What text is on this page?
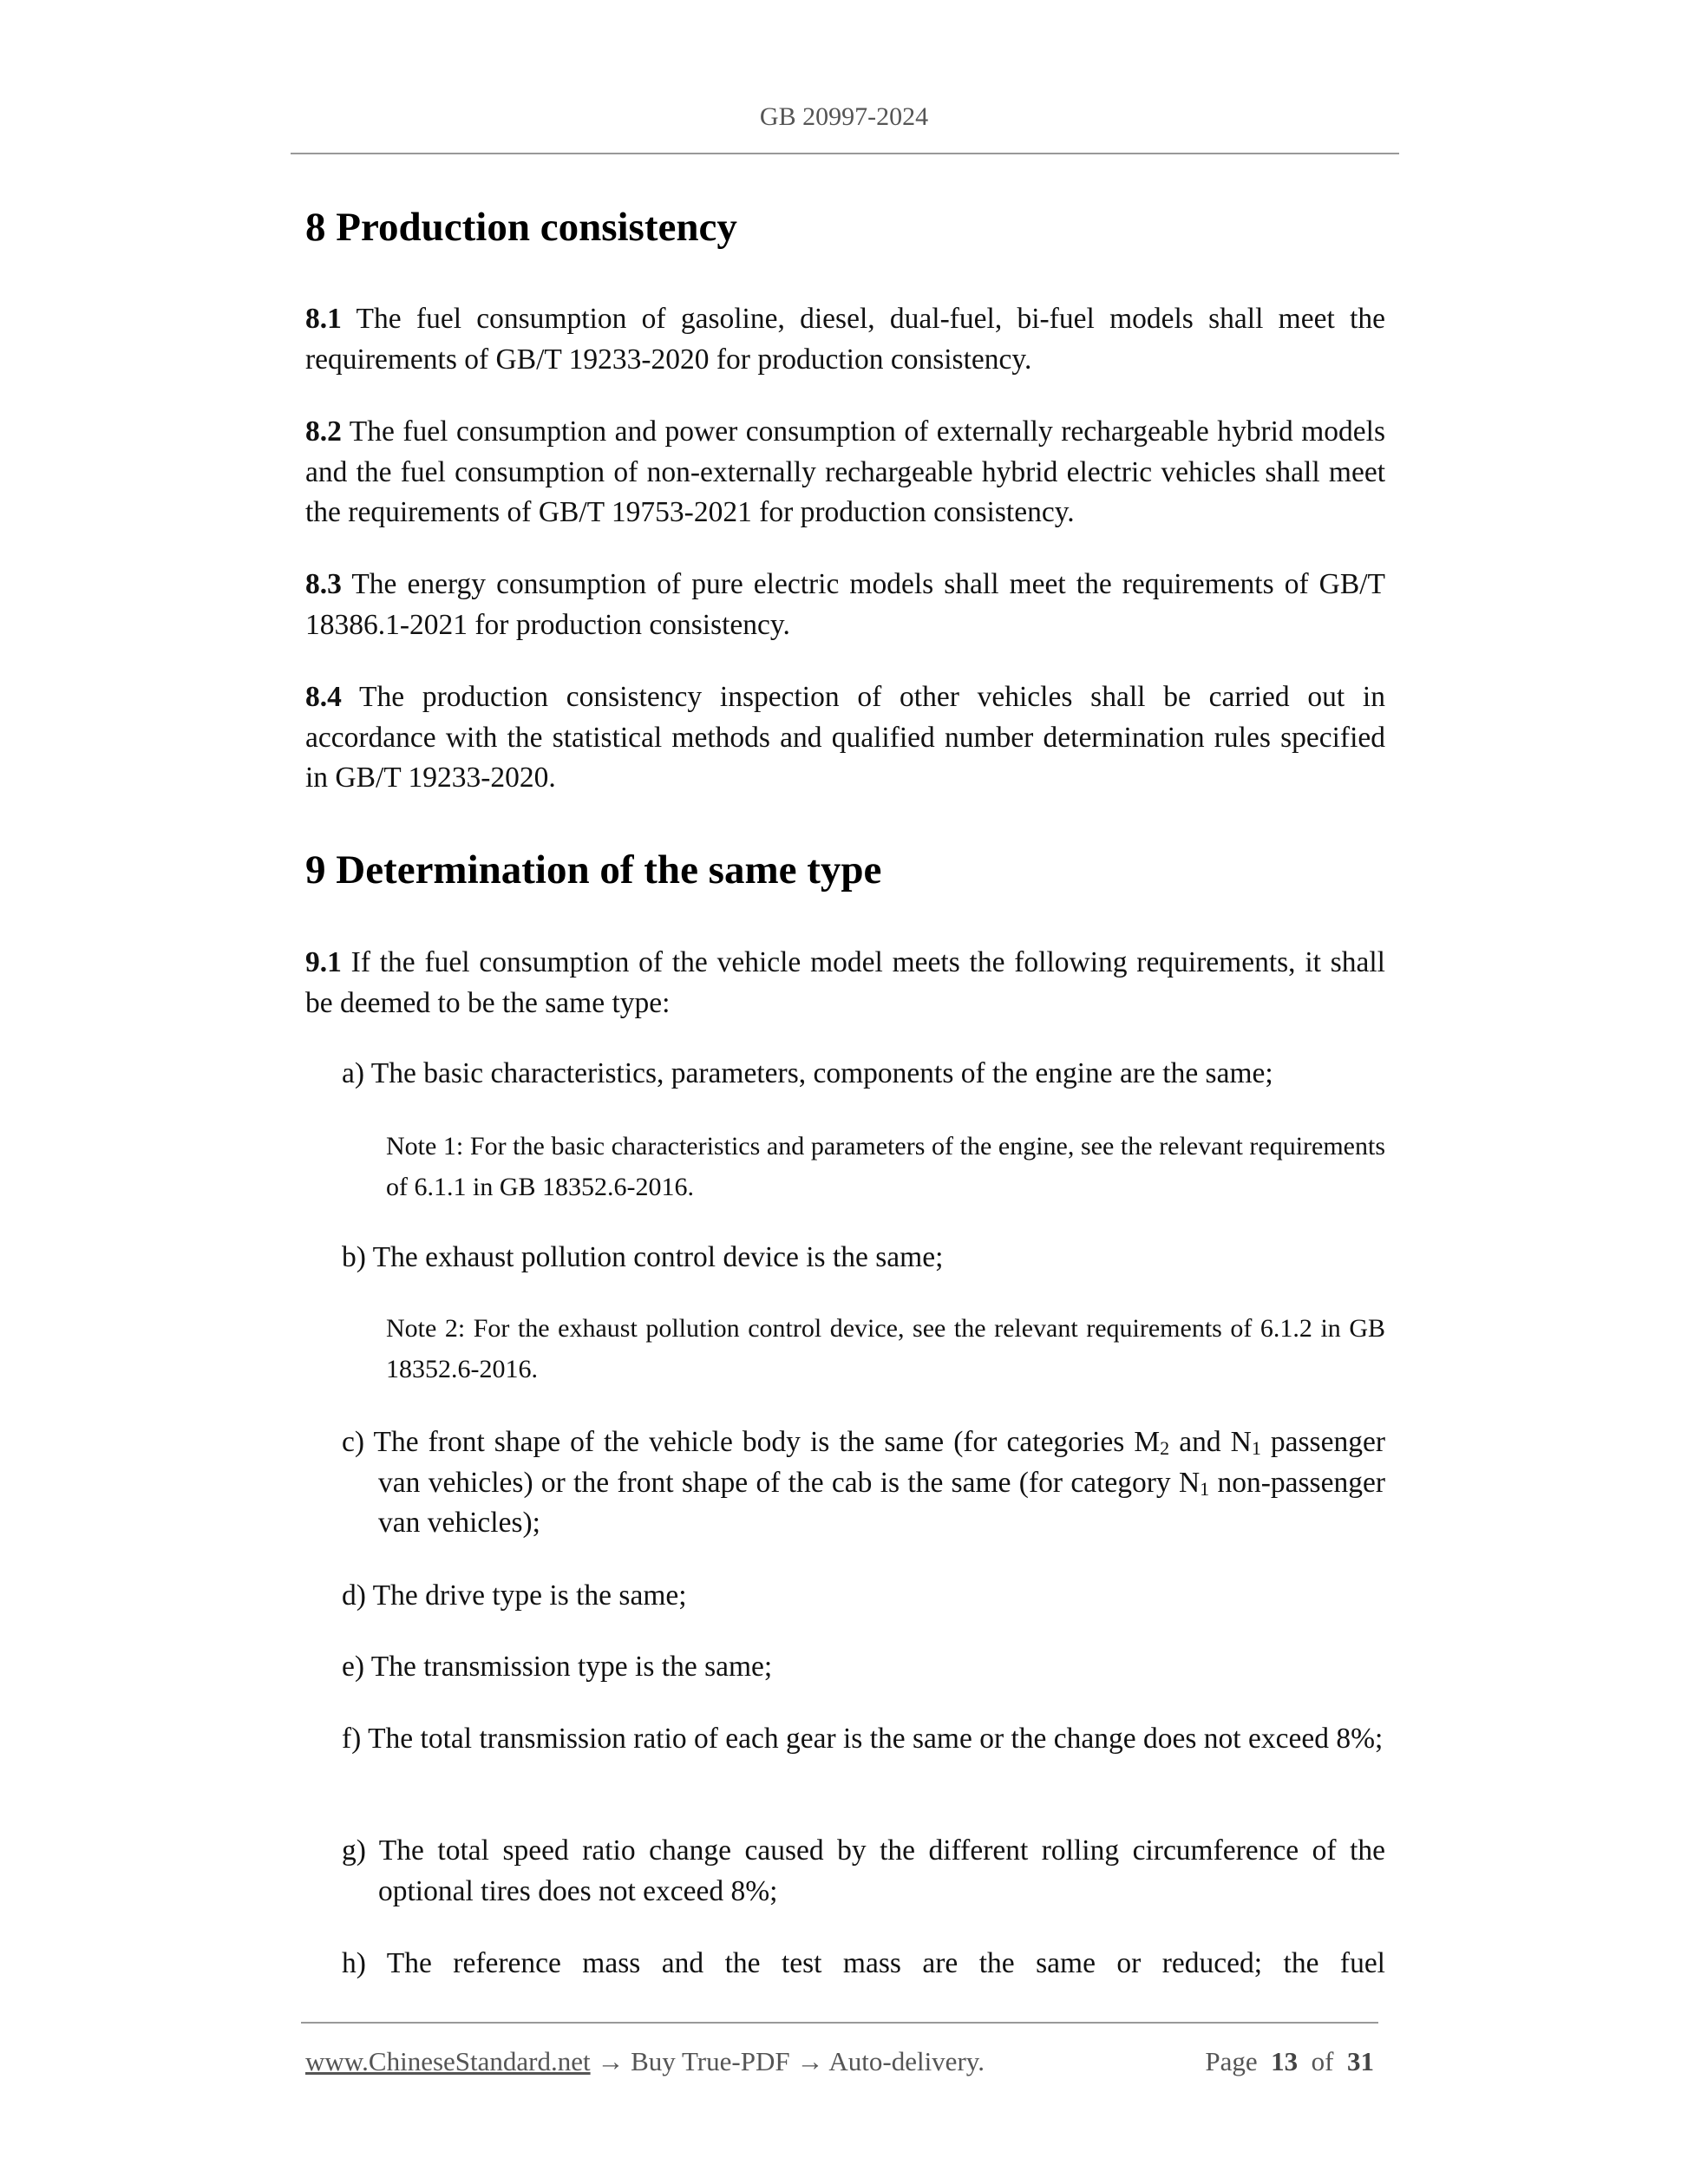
GB 20997-2024
8 Production consistency
8.1 The fuel consumption of gasoline, diesel, dual-fuel, bi-fuel models shall meet the requirements of GB/T 19233-2020 for production consistency.
8.2 The fuel consumption and power consumption of externally rechargeable hybrid models and the fuel consumption of non-externally rechargeable hybrid electric vehicles shall meet the requirements of GB/T 19753-2021 for production consistency.
8.3 The energy consumption of pure electric models shall meet the requirements of GB/T 18386.1-2021 for production consistency.
8.4 The production consistency inspection of other vehicles shall be carried out in accordance with the statistical methods and qualified number determination rules specified in GB/T 19233-2020.
9 Determination of the same type
9.1 If the fuel consumption of the vehicle model meets the following requirements, it shall be deemed to be the same type:
a) The basic characteristics, parameters, components of the engine are the same;
Note 1: For the basic characteristics and parameters of the engine, see the relevant requirements of 6.1.1 in GB 18352.6-2016.
b) The exhaust pollution control device is the same;
Note 2: For the exhaust pollution control device, see the relevant requirements of 6.1.2 in GB 18352.6-2016.
c) The front shape of the vehicle body is the same (for categories $M_2$ and $N_1$ passenger van vehicles) or the front shape of the cab is the same (for category $N_1$ non-passenger van vehicles);
d) The drive type is the same;
e) The transmission type is the same;
f) The total transmission ratio of each gear is the same or the change does not exceed 8%;
g) The total speed ratio change caused by the different rolling circumference of the optional tires does not exceed 8%;
h) The reference mass and the test mass are the same or reduced; the fuel
www.ChineseStandard.net → Buy True-PDF → Auto-delivery.	Page 13 of 31
